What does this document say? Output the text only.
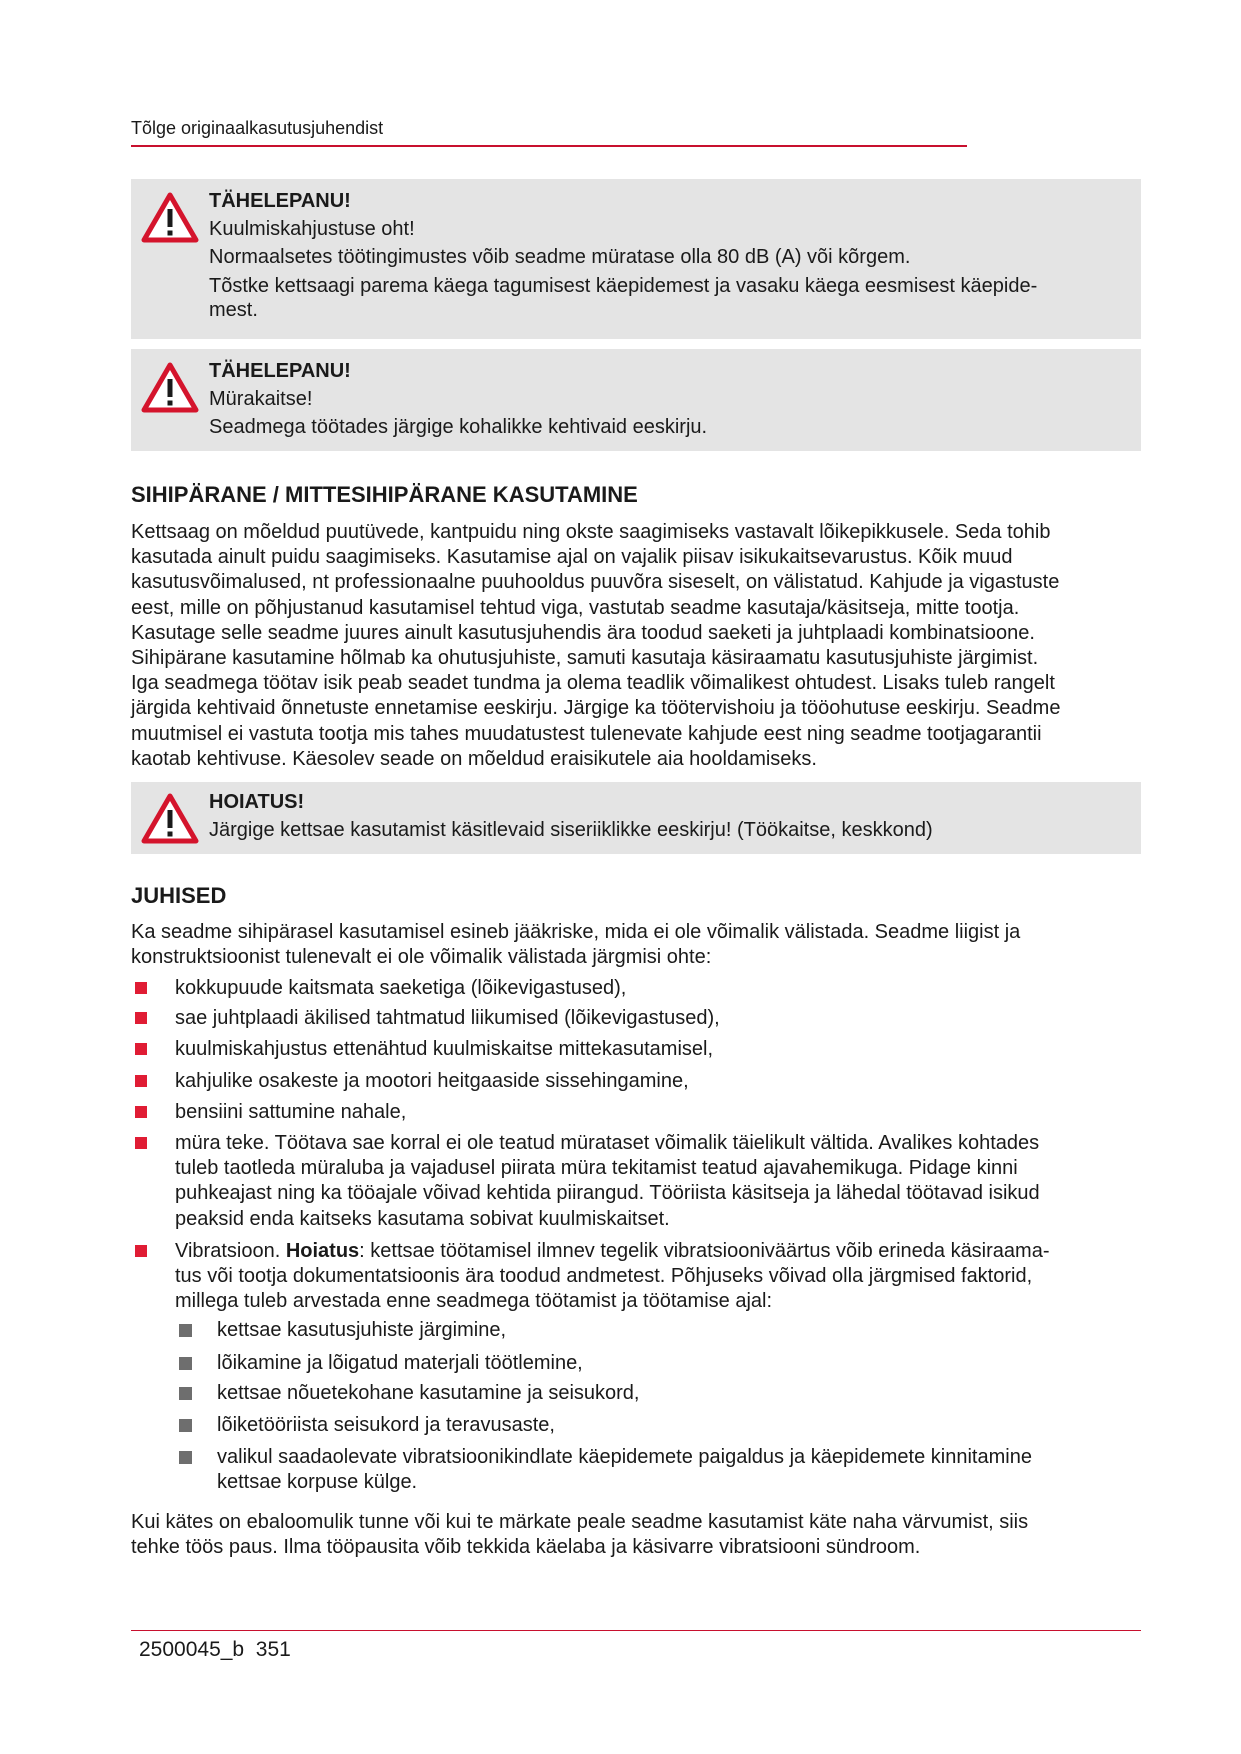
Tõlge originaalkasutusjuhendist
TÄHELEPANU!
Kuulmiskahjustuse oht!
Normaalsetes töötingimustes võib seadme müratase olla 80 dB (A) või kõrgem.
Tõstke kettsaagi parema käega tagumisest käepidemest ja vasaku käega eesmisest käepide-
mest.
TÄHELEPANU!
Mürakaitse!
Seadmega töötades järgige kohalikke kehtivaid eeskirju.
SIHIPÄRANE / MITTESIHIPÄRANE KASUTAMINE
Kettsaag on mõeldud puutüvede, kantpuidu ning okste saagimiseks vastavalt lõikepikkusele. Seda tohib
kasutada ainult puidu saagimiseks. Kasutamise ajal on vajalik piisav isikukaitsevarustus. Kõik muud
kasutusvõimalused, nt professionaalne puuhooldus puuvõra siseselt, on välistatud. Kahjude ja vigastuste
eest, mille on põhjustanud kasutamisel tehtud viga, vastutab seadme kasutaja/käsitseja, mitte tootja.
Kasutage selle seadme juures ainult kasutusjuhendis ära toodud saeketi ja juhtplaadi kombinatsioone.
Sihipärane kasutamine hõlmab ka ohutusjuhiste, samuti kasutaja käsiraamatu kasutusjuhiste järgimist.
Iga seadmega töötav isik peab seadet tundma ja olema teadlik võimalikest ohtudest. Lisaks tuleb rangelt
järgida kehtivaid õnnetuste ennetamise eeskirju. Järgige ka töötervishoiu ja tööohutuse eeskirju. Seadme
muutmisel ei vastuta tootja mis tahes muudatustest tulenevate kahjude eest ning seadme tootjagarantii
kaotab kehtivuse. Käesolev seade on mõeldud eraisikutele aia hooldamiseks.
HOIATUS!
Järgige kettsae kasutamist käsitlevaid siseriiklikke eeskirju! (Töökaitse, keskkond)
JUHISED
Ka seadme sihipärasel kasutamisel esineb jääkriske, mida ei ole võimalik välistada. Seadme liigist ja
konstruktsioonist tulenevalt ei ole võimalik välistada järgmisi ohte:
kokkupuude kaitsmata saeketiga (lõikevigastused),
sae juhtplaadi äkilised tahtmatud liikumised (lõikevigastused),
kuulmiskahjustus ettenähtud kuulmiskaitse mittekasutamisel,
kahjulike osakeste ja mootori heitgaaside sissehingamine,
bensiini sattumine nahale,
müra teke. Töötava sae korral ei ole teatud mürataset võimalik täielikult vältida. Avalikes kohtades
tuleb taotleda müraluba ja vajadusel piirata müra tekitamist teatud ajavahemikuga. Pidage kinni
puhkeajast ning ka tööajale võivad kehtida piirangud. Tööriista käsitseja ja lähedal töötavad isikud
peaksid enda kaitseks kasutama sobivat kuulmiskaitset.
Vibratsioon. Hoiatus: kettsae töötamisel ilmnev tegelik vibratsiooniväärtus võib erineda käsiraama-
tus või tootja dokumentatsioonis ära toodud andmetest. Põhjuseks võivad olla järgmised faktorid,
millega tuleb arvestada enne seadmega töötamist ja töötamise ajal:
kettsae kasutusjuhiste järgimine,
lõikamine ja lõigatud materjali töötlemine,
kettsae nõuetekohane kasutamine ja seisukord,
lõiketööriista seisukord ja teravusaste,
valikul saadaolevate vibratsioonikindlate käepidemete paigaldus ja käepidemete kinnitamine
kettsae korpuse külge.
Kui kätes on ebaloomulik tunne või kui te märkate peale seadme kasutamist käte naha värvumist, siis
tehke töös paus. Ilma tööpausita võib tekkida käelaba ja käsivarre vibratsiooni sündroom.
2500045_b 351
